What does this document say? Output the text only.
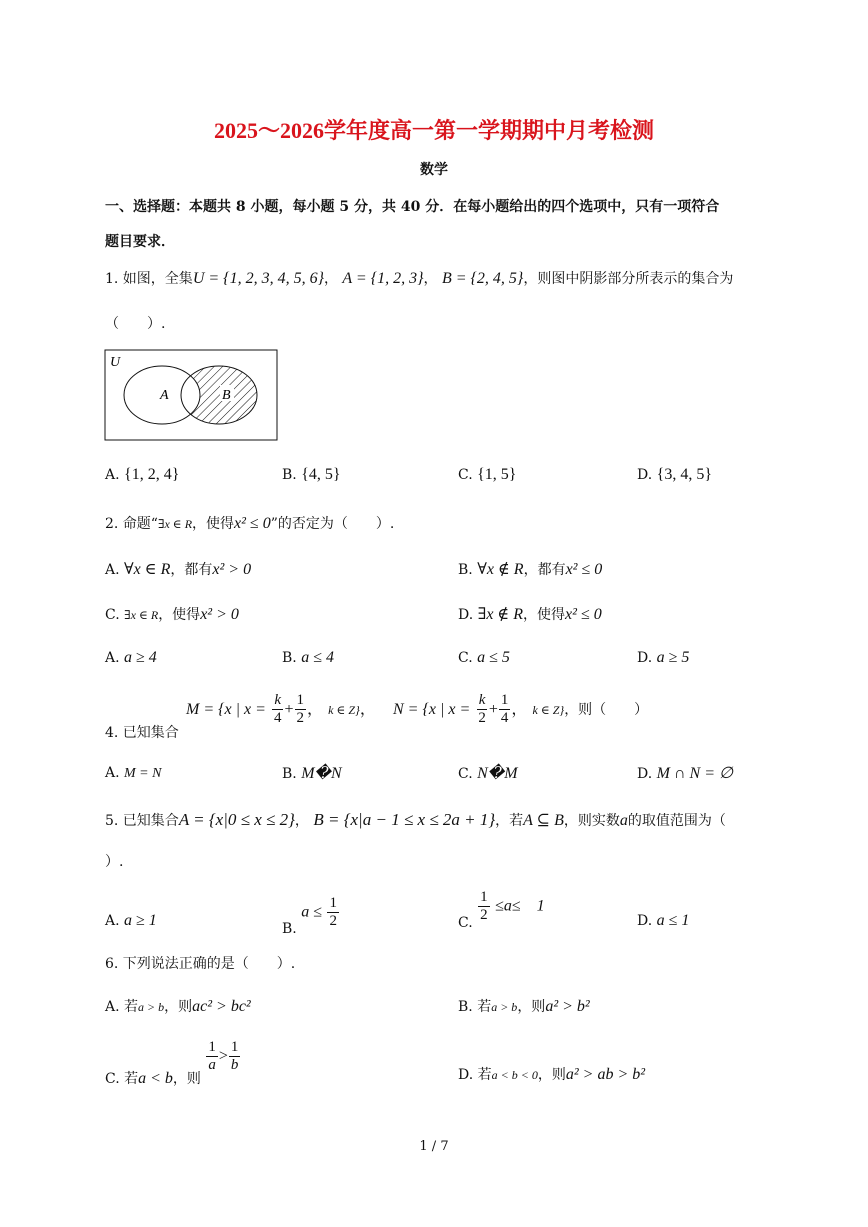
2025～2026学年度高一第一学期期中月考检测
数学
一、选择题：本题共 8 小题，每小题 5 分，共 40 分．在每小题给出的四个选项中，只有一项符合
题目要求．
1. 如图，全集U = {1, 2, 3, 4, 5, 6}， A = {1, 2, 3}， B = {2, 4, 5}，则图中阴影部分所表示的集合为
（　　）.
U
A	B
A. {1, 2, 4}	B. {4, 5}	C. {1, 5}	D. {3, 4, 5}
2. 命题“∃x ∈ R，使得x² ≤ 0”的否定为（　　）.
A. ∀x ∈ R，都有x² > 0	B. ∀x ∉ R，都有x² ≤ 0
C. ∃x ∈ R，使得x² > 0	D. ∃x ∉ R，使得x² ≤ 0
A. a ≥ 4	B. a ≤ 4	C. a ≤ 5	D. a ≥ 5
4. 已知集合
M = {x | $x = \frac{k}{4} + \frac{1}{2}$ ， k ∈ Z}， N = {x | $x = \frac{k}{2} + \frac{1}{4}$ ， k ∈ Z}，则（　　）
A. M = N	B. M�N	C. N�M	D. M ∩ N = ∅
5. 已知集合A = {x|0 ≤ x ≤ 2}， B = {x|a − 1 ≤ x ≤ 2a + 1}，若A ⊆ B，则实数a的取值范围为（
）.
A. a ≥ 1	B. $a \le \frac{1}{2}$	C. $\frac{1}{2} \le a\le$　1
D. a ≤ 1
6. 下列说法正确的是（　　）.
A. 若a > b，则ac² > bc²	B. 若a > b，则a² > b²
C. 若a < b，则
$\frac{1}{a} > \frac{1}{b}$
D. 若a < b < 0，则a² > ab > b²
1 / 7
